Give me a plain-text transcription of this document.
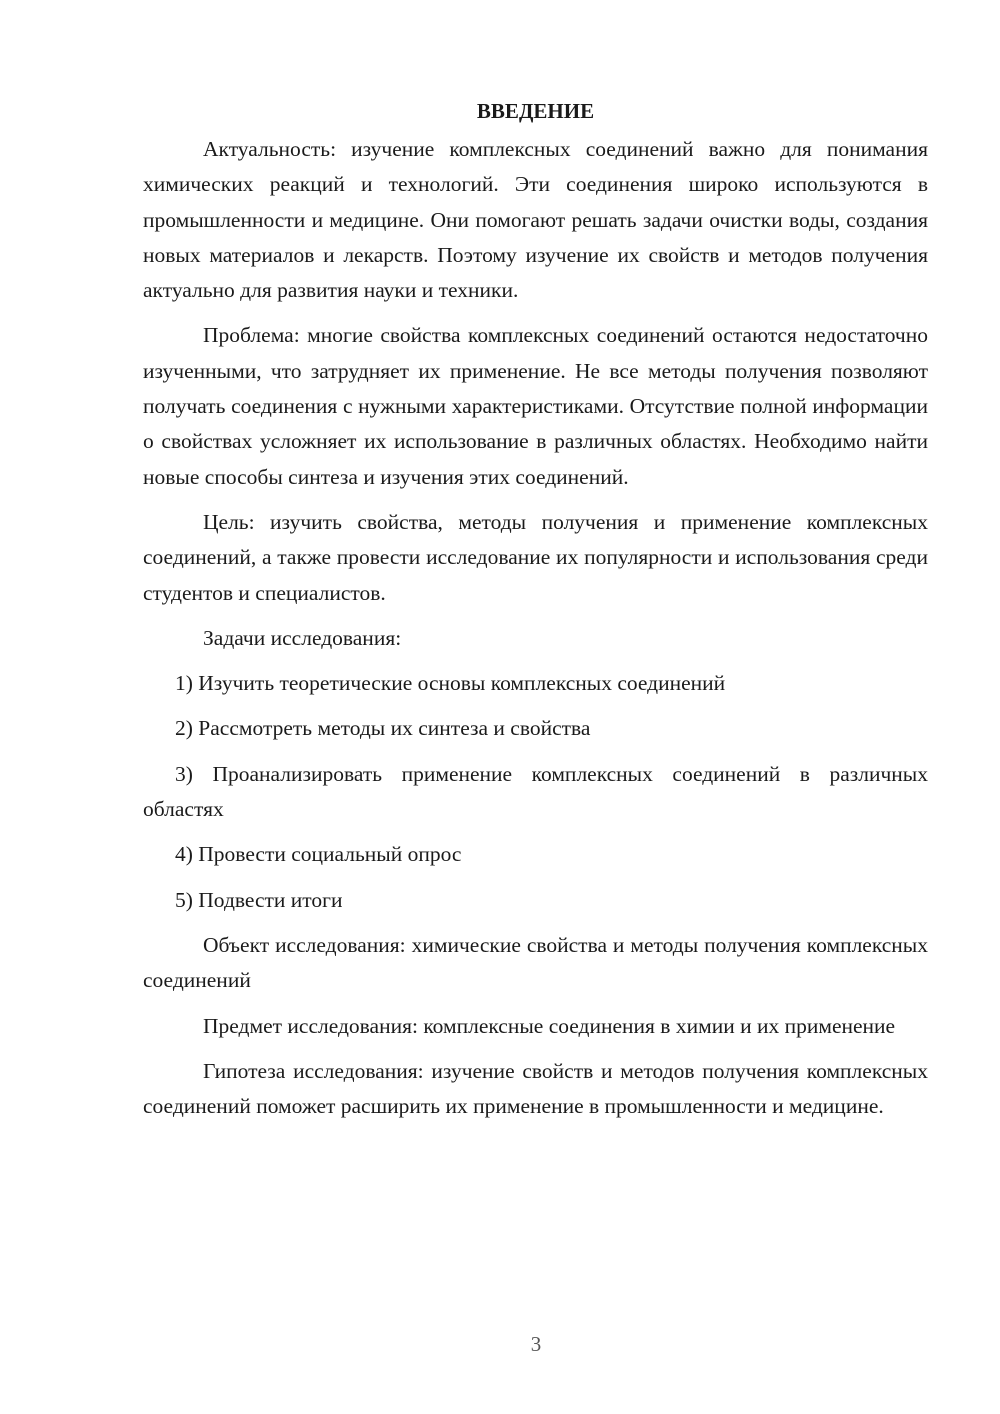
ВВЕДЕНИЕ

Актуальность: изучение комплексных соединений важно для понимания химических реакций и технологий. Эти соединения широко используются в промышленности и медицине. Они помогают решать задачи очистки воды, создания новых материалов и лекарств. Поэтому изучение их свойств и методов получения актуально для развития науки и техники.

Проблема: многие свойства комплексных соединений остаются недостаточно изученными, что затрудняет их применение. Не все методы получения позволяют получать соединения с нужными характеристиками. Отсутствие полной информации о свойствах усложняет их использование в различных областях. Необходимо найти новые способы синтеза и изучения этих соединений.

Цель: изучить свойства, методы получения и применение комплексных соединений, а также провести исследование их популярности и использования среди студентов и специалистов.

Задачи исследования:

1) Изучить теоретические основы комплексных соединений

2) Рассмотреть методы их синтеза и свойства

3) Проанализировать применение комплексных соединений в различных областях

4) Провести социальный опрос

5) Подвести итоги

Объект исследования: химические свойства и методы получения комплексных соединений

Предмет исследования: комплексные соединения в химии и их применение

Гипотеза исследования: изучение свойств и методов получения комплексных соединений поможет расширить их применение в промышленности и медицине.

3
